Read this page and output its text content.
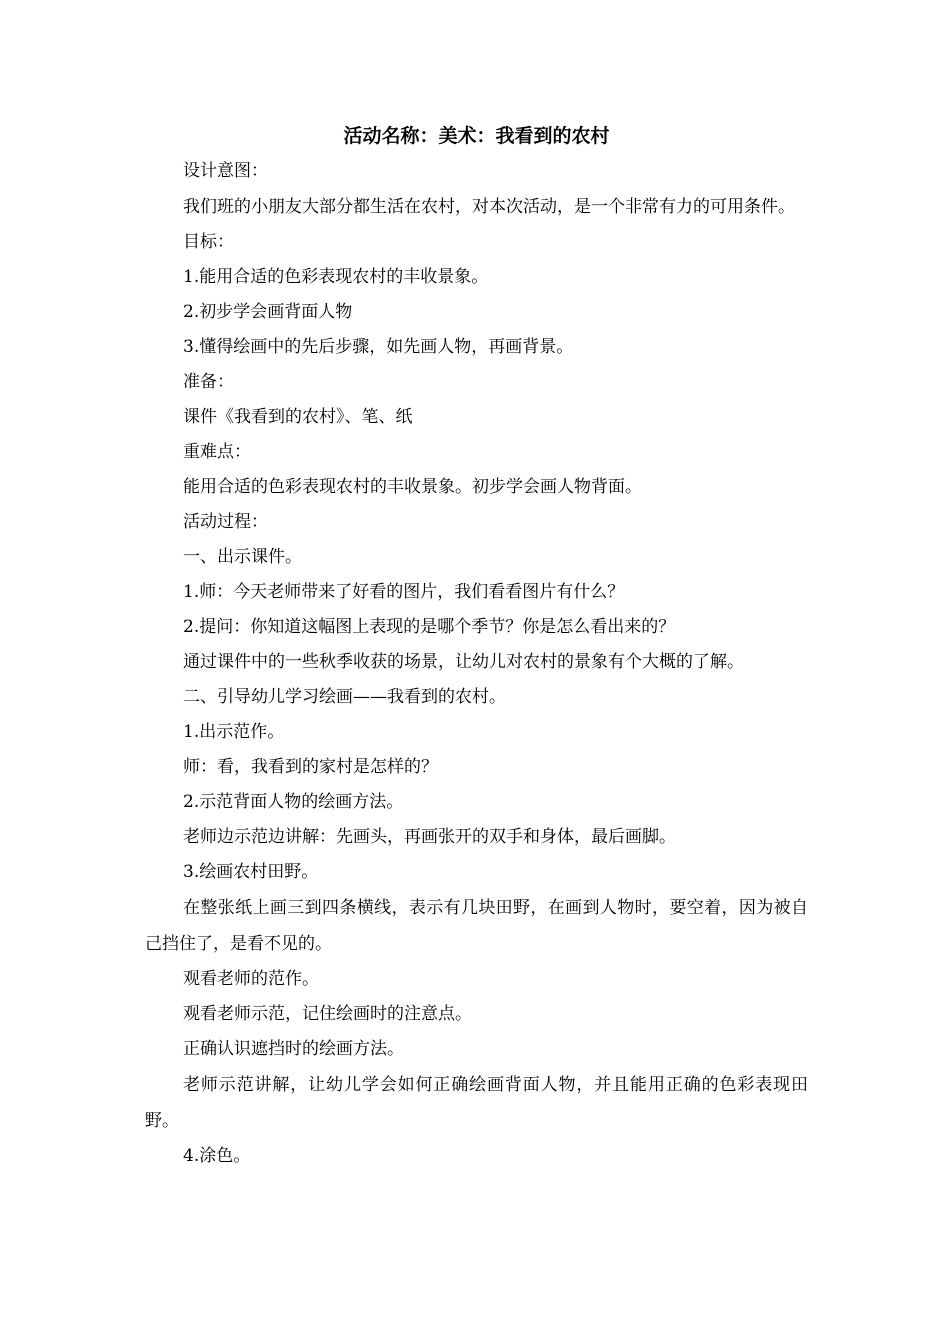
活动名称：美术：我看到的农村

设计意图：

我们班的小朋友大部分都生活在农村，对本次活动，是一个非常有力的可用条件。

目标：

1.能用合适的色彩表现农村的丰收景象。

2.初步学会画背面人物

3.懂得绘画中的先后步骤，如先画人物，再画背景。

准备：

课件《我看到的农村》、笔、纸

重难点：

能用合适的色彩表现农村的丰收景象。初步学会画人物背面。

活动过程：

一、出示课件。

1.师：今天老师带来了好看的图片，我们看看图片有什么？

2.提问：你知道这幅图上表现的是哪个季节？你是怎么看出来的？

通过课件中的一些秋季收获的场景，让幼儿对农村的景象有个大概的了解。

二、引导幼儿学习绘画——我看到的农村。

1.出示范作。

师：看，我看到的家村是怎样的？

2.示范背面人物的绘画方法。

老师边示范边讲解：先画头，再画张开的双手和身体，最后画脚。

3.绘画农村田野。

在整张纸上画三到四条横线，表示有几块田野，在画到人物时，要空着，因为被自己挡住了，是看不见的。

观看老师的范作。

观看老师示范，记住绘画时的注意点。

正确认识遮挡时的绘画方法。

老师示范讲解，让幼儿学会如何正确绘画背面人物，并且能用正确的色彩表现田野。

4.涂色。
